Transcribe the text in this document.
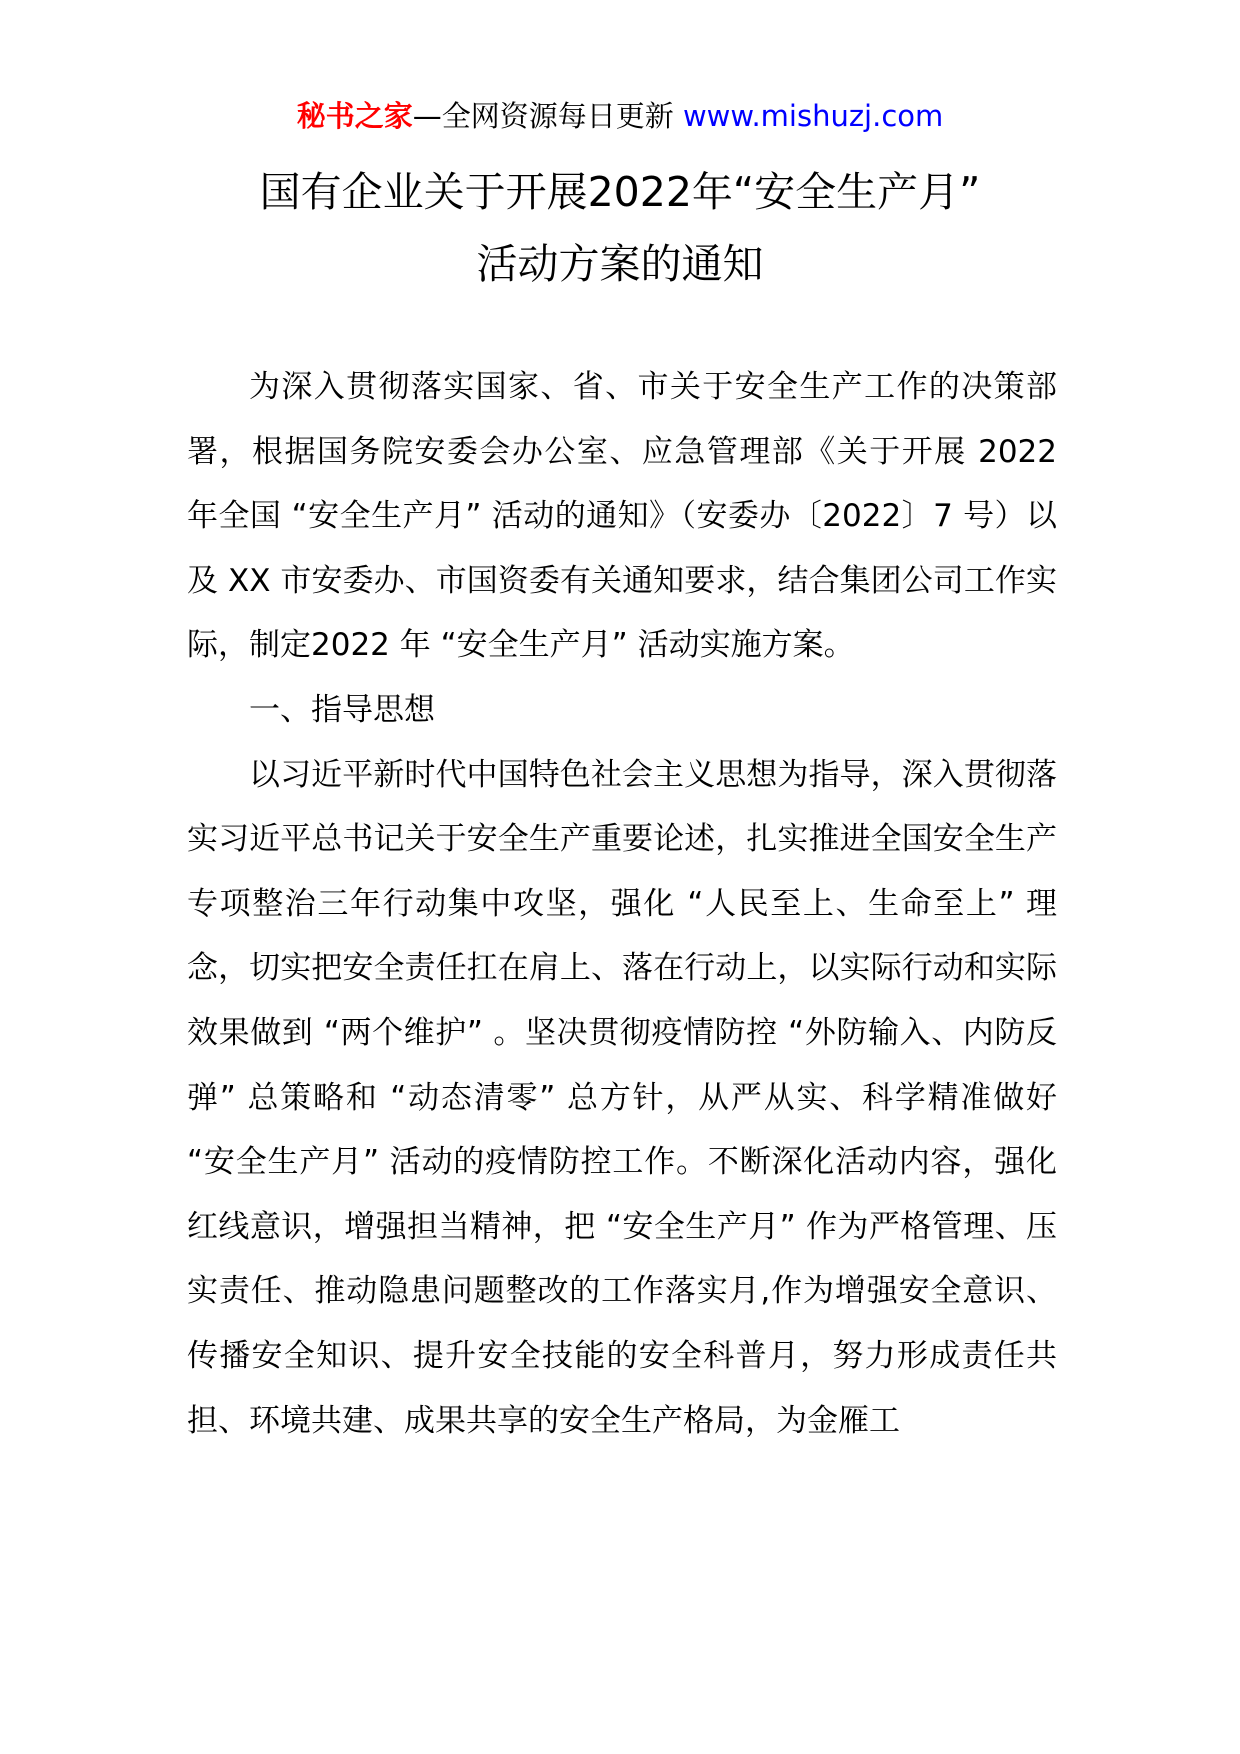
秘书之家—全网资源每日更新 www.mishuzj.com
国有企业关于开展2022年“安全生产月”
活动方案的通知

为深入贯彻落实国家、省、市关于安全生产工作的决策部署，根据国务院安委会办公室、应急管理部《关于开展 2022 年全国 “安全生产月” 活动的通知》（安委办〔2022〕7 号）以及 XX 市安委办、市国资委有关通知要求，结合集团公司工作实际，制定2022 年 “安全生产月” 活动实施方案。

一、指导思想

以习近平新时代中国特色社会主义思想为指导，深入贯彻落实习近平总书记关于安全生产重要论述，扎实推进全国安全生产专项整治三年行动集中攻坚，强化 “人民至上、生命至上” 理念，切实把安全责任扛在肩上、落在行动上，以实际行动和实际效果做到 “两个维护” 。坚决贯彻疫情防控 “外防输入、内防反弹” 总策略和 “动态清零” 总方针，从严从实、科学精准做好 “安全生产月” 活动的疫情防控工作。不断深化活动内容，强化红线意识，增强担当精神，把 “安全生产月” 作为严格管理、压实责任、推动隐患问题整改的工作落实月,作为增强安全意识、传播安全知识、提升安全技能的安全科普月，努力形成责任共担、环境共建、成果共享的安全生产格局，为金雁工
